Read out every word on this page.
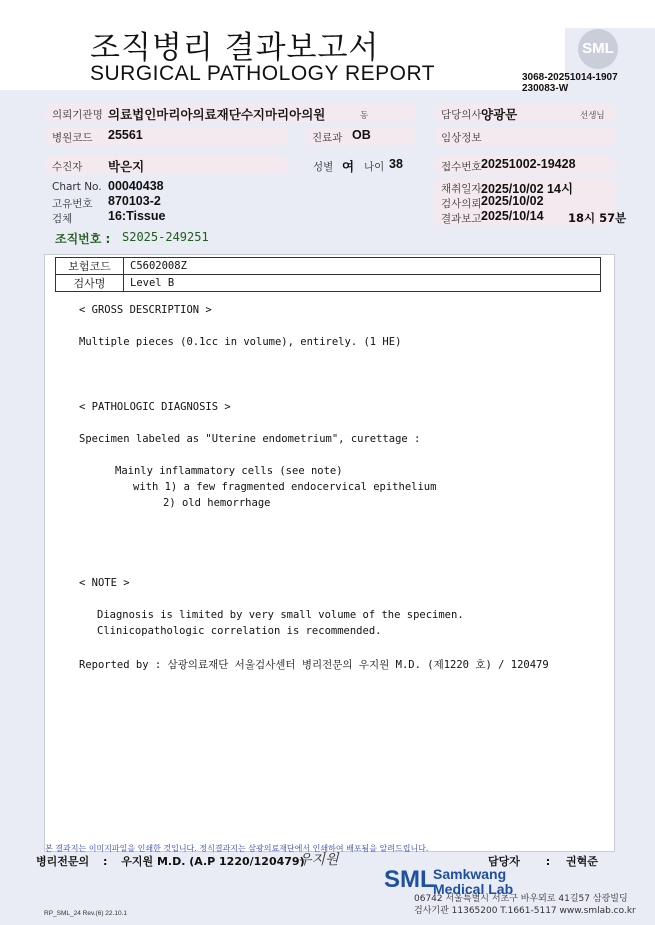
조직병리 결과보고서
SURGICAL PATHOLOGY REPORT
SML
3068-20251014-1907
230083-W
의뢰기관명 의료법인마리아의료재단수지마리아의원	동	담당의사 양광문	선생님
병원코드 25561	진료과 OB	임상정보
수진자 박은지	성별 여 나이 38	접수번호 20251002-19428
Chart No. 00040438
고유번호 870103-2
검체	16:Tissue
채취일자 2025/10/02 14시
검사의뢰 2025/10/02
결과보고 2025/10/14 18시 57분
조직번호 : S2025-249251
보험코드	C5602008Z
검사명	Level B
< GROSS DESCRIPTION >
Multiple pieces (0.1cc in volume), entirely. (1 HE)
< PATHOLOGIC DIAGNOSIS >
Specimen labeled as "Uterine endometrium", curettage :
Mainly inflammatory cells (see note)
with 1) a few fragmented endocervical epithelium
2) old hemorrhage
< NOTE >
Diagnosis is limited by very small volume of the specimen.
Clinicopathologic correlation is recommended.
Reported by : 삼광의료재단 서울검사센터 병리전문의 우지원 M.D. (제1220 호) / 120479
본 결과지는 이미지파일을 인쇄한 것입니다. 정식결과지는 삼광의료재단에서 인쇄하여 배포됨을 알려드립니다.
병리전문의 : 우지원 M.D. (A.P 1220/120479)
우지원	담당자 : 권혁준
SML
Samkwang
Medical Lab
06742 서울특별시 서초구 바우뫼로 41길57 삼광빌딩
검사기관 11365200 T.1661-5117 www.smlab.co.kr
RP_SML_24 Rev.(6) 22.10.1
